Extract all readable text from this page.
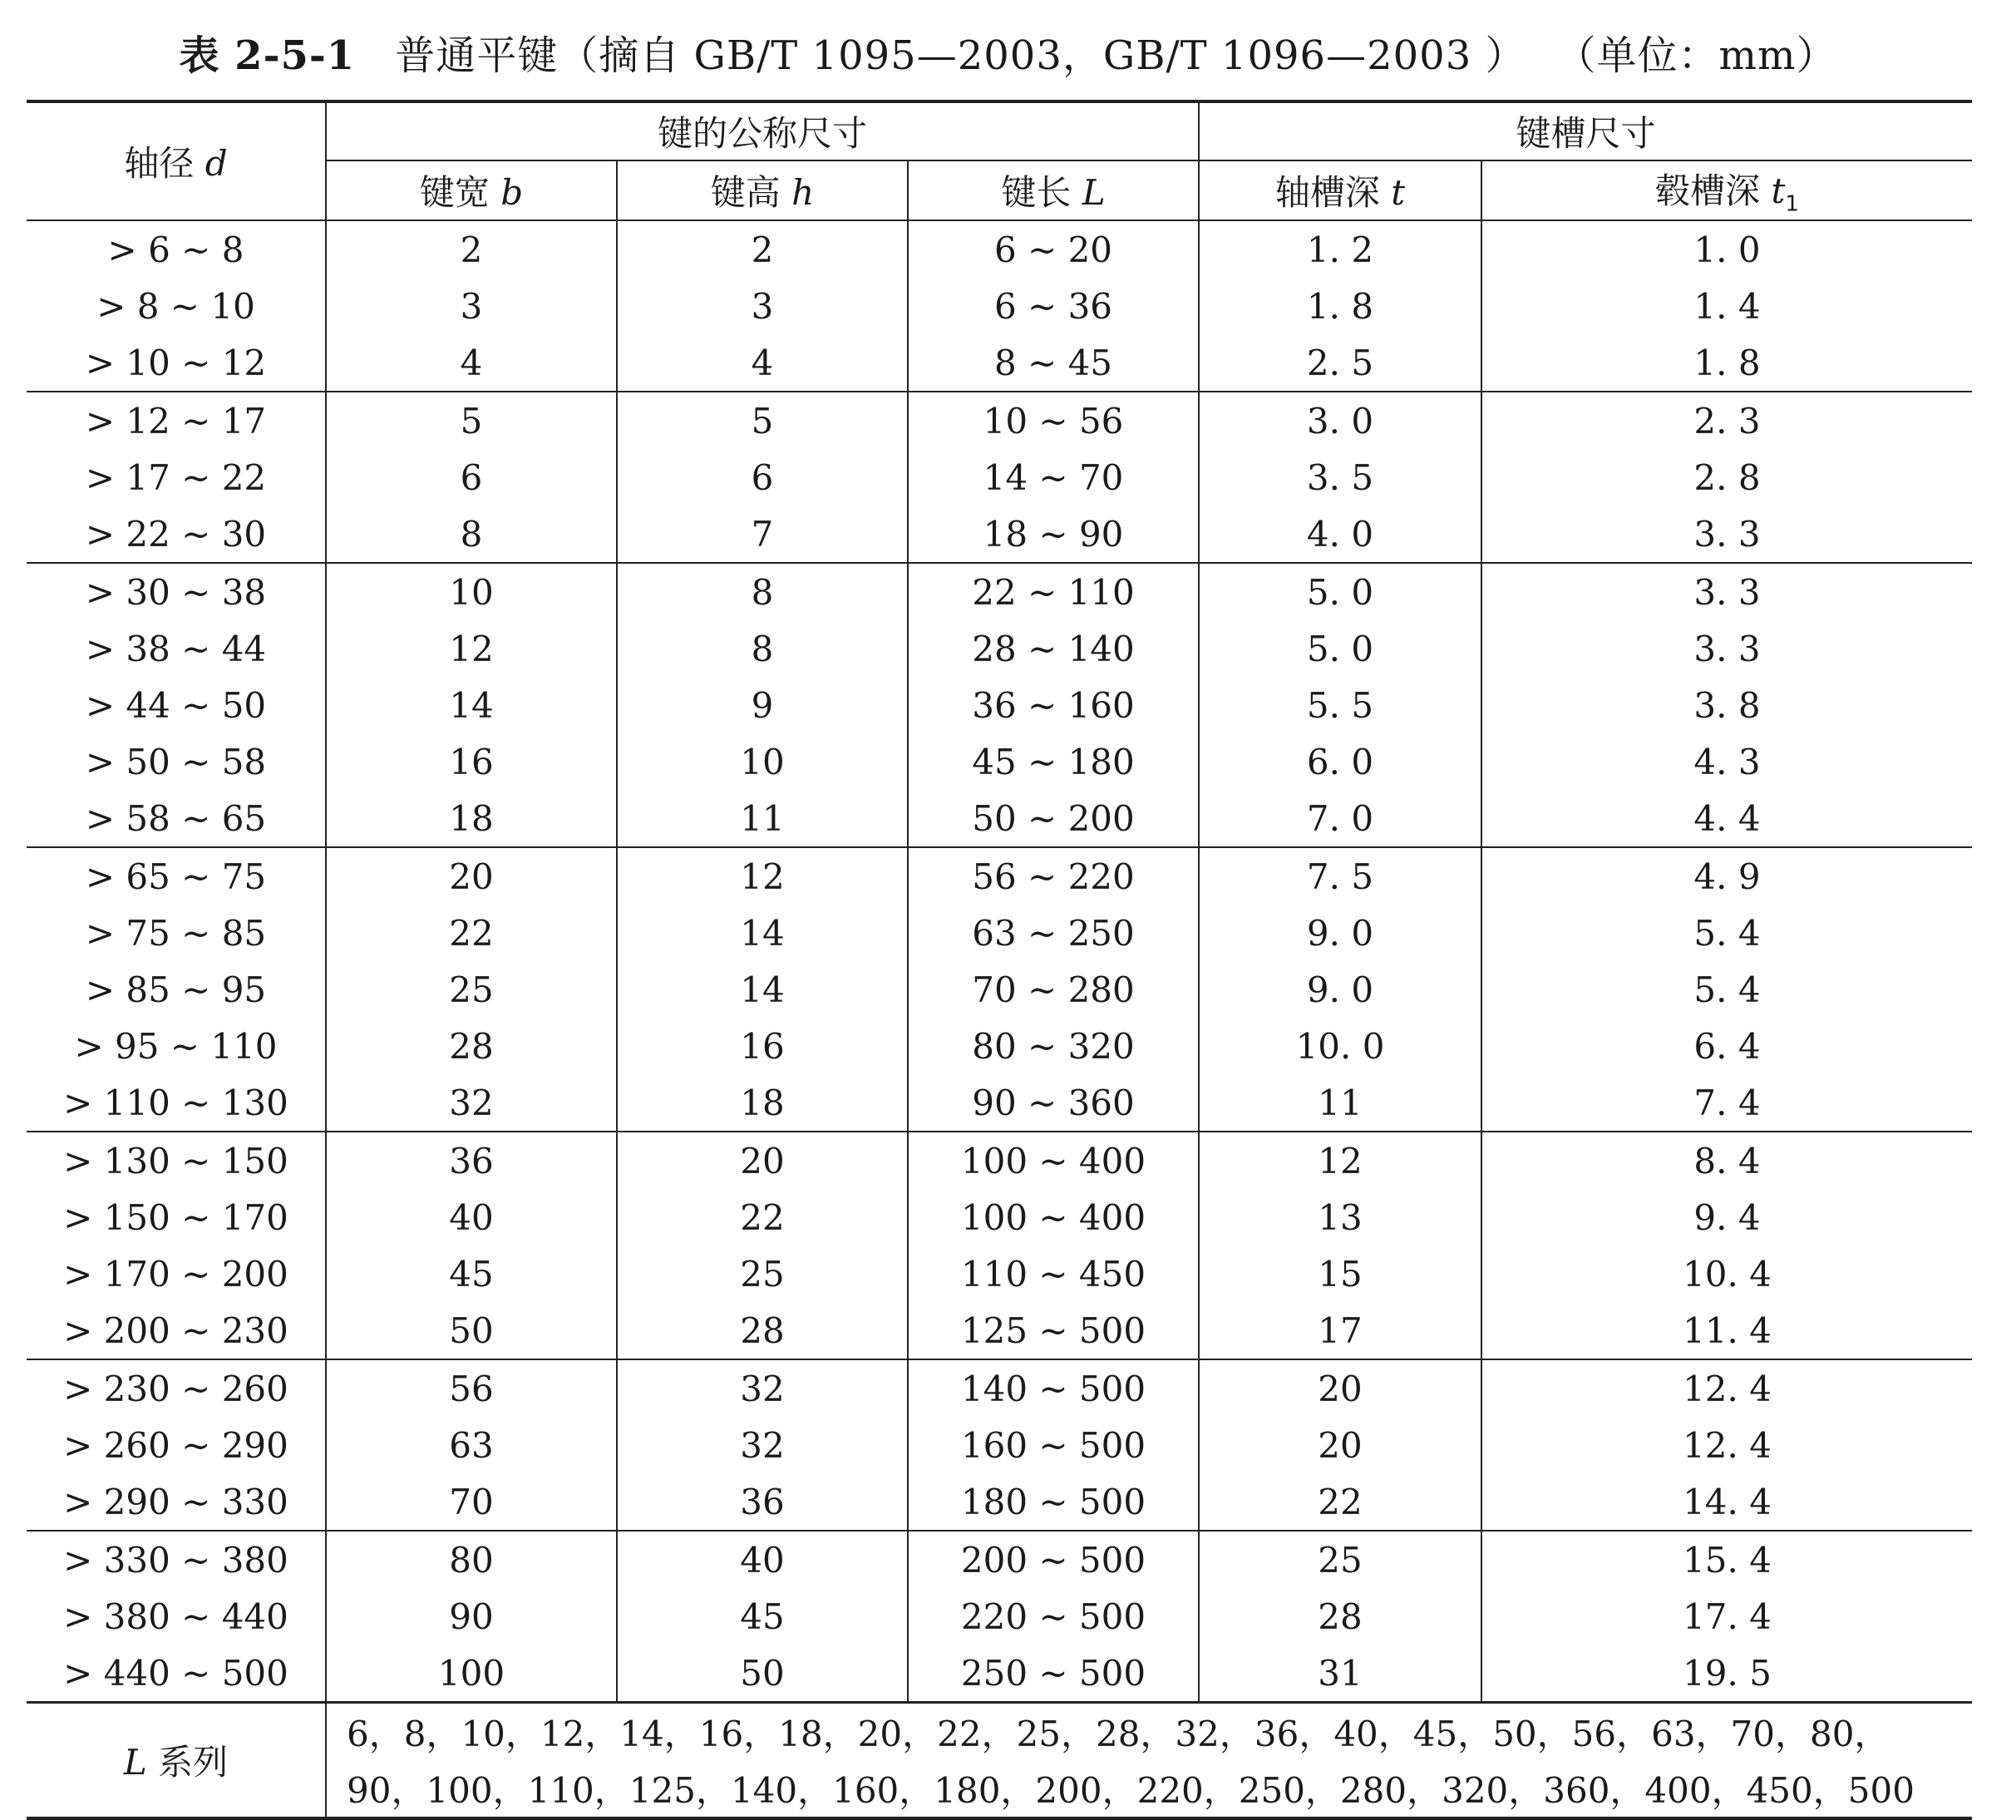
表 2-5-1 普通平键（摘自 GB/T 1095—2003，GB/T 1096—2003 ） （单位：mm）
轴径 d	键的公称尺寸			键槽尺寸	
	键宽 b	键高 h	键长 L	轴槽深 t	毂槽深 $t_1$
> 6 ~ 8	2	2	6 ~ 20	1. 2	1. 0
> 8 ~ 10	3	3	6 ~ 36	1. 8	1. 4
> 10 ~ 12	4	4	8 ~ 45	2. 5	1. 8
> 12 ~ 17	5	5	10 ~ 56	3. 0	2. 3
> 17 ~ 22	6	6	14 ~ 70	3. 5	2. 8
> 22 ~ 30	8	7	18 ~ 90	4. 0	3. 3
> 30 ~ 38	10	8	22 ~ 110	5. 0	3. 3
> 38 ~ 44	12	8	28 ~ 140	5. 0	3. 3
> 44 ~ 50	14	9	36 ~ 160	5. 5	3. 8
> 50 ~ 58	16	10	45 ~ 180	6. 0	4. 3
> 58 ~ 65	18	11	50 ~ 200	7. 0	4. 4
> 65 ~ 75	20	12	56 ~ 220	7. 5	4. 9
> 75 ~ 85	22	14	63 ~ 250	9. 0	5. 4
> 85 ~ 95	25	14	70 ~ 280	9. 0	5. 4
> 95 ~ 110	28	16	80 ~ 320	10. 0	6. 4
> 110 ~ 130	32	18	90 ~ 360	11	7. 4
> 130 ~ 150	36	20	100 ~ 400	12	8. 4
> 150 ~ 170	40	22	100 ~ 400	13	9. 4
> 170 ~ 200	45	25	110 ~ 450	15	10. 4
> 200 ~ 230	50	28	125 ~ 500	17	11. 4
> 230 ~ 260	56	32	140 ~ 500	20	12. 4
> 260 ~ 290	63	32	160 ~ 500	20	12. 4
> 290 ~ 330	70	36	180 ~ 500	22	14. 4
> 330 ~ 380	80	40	200 ~ 500	25	15. 4
> 380 ~ 440	90	45	220 ~ 500	28	17. 4
> 440 ~ 500	100	50	250 ~ 500	31	19. 5
L 系列	6，8，10，12，14，16，18，20，22，25，28，32，36，40，45，50，56，63，70，80，				
	90，100，110，125，140，160，180，200，220，250，280，320，360，400，450，500				
